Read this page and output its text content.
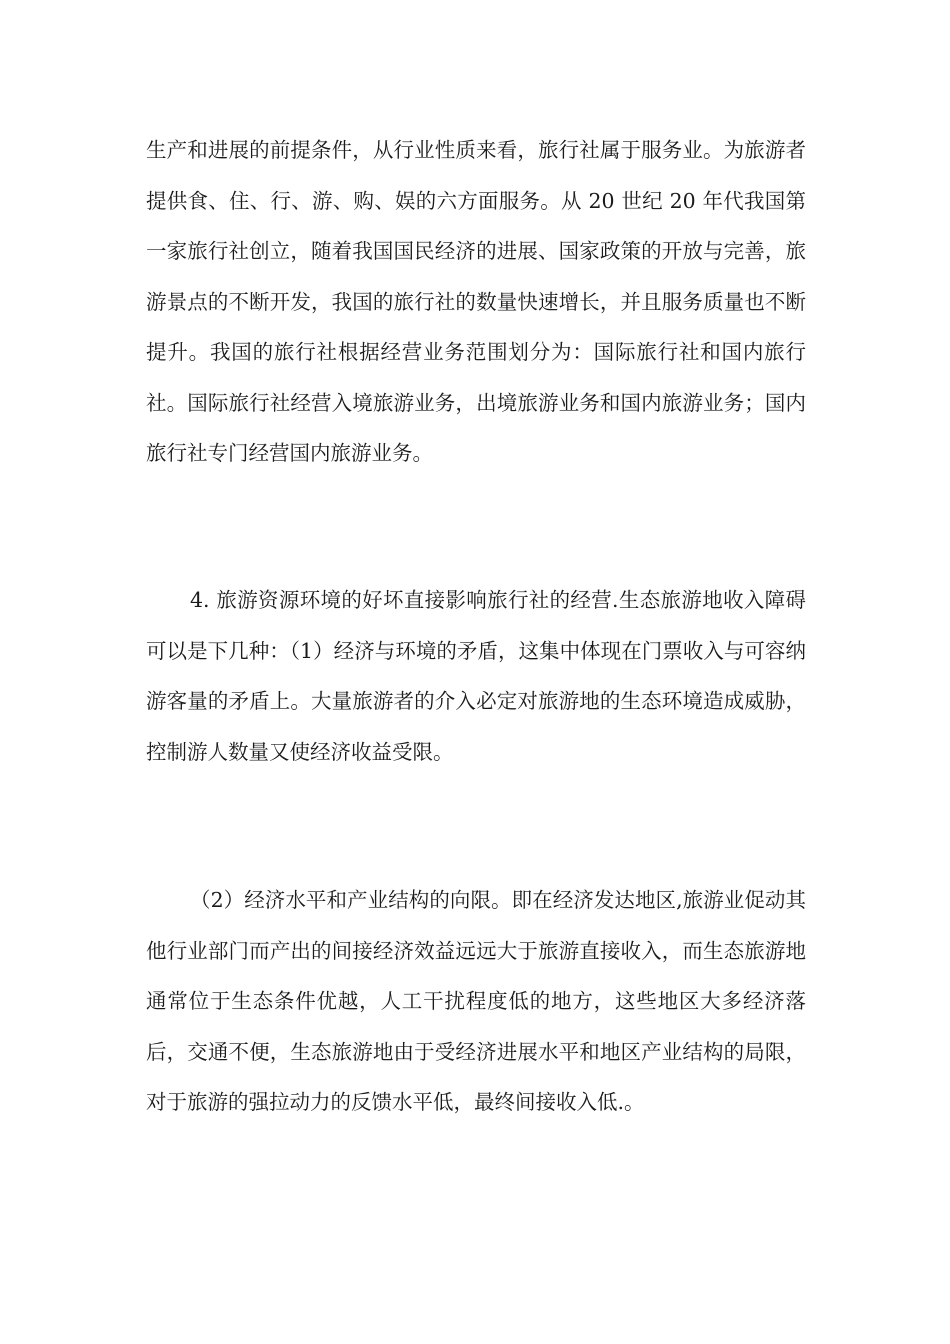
生产和进展的前提条件，从行业性质来看，旅行社属于服务业。为旅游者提供食、住、行、游、购、娱的六方面服务。从 20 世纪 20 年代我国第一家旅行社创立，随着我国国民经济的进展、国家政策的开放与完善，旅游景点的不断开发，我国的旅行社的数量快速增长，并且服务质量也不断提升。我国的旅行社根据经营业务范围划分为：国际旅行社和国内旅行社。国际旅行社经营入境旅游业务，出境旅游业务和国内旅游业务；国内旅行社专门经营国内旅游业务。

4. 旅游资源环境的好坏直接影响旅行社的经营.生态旅游地收入障碍可以是下几种：（1）经济与环境的矛盾，这集中体现在门票收入与可容纳游客量的矛盾上。大量旅游者的介入必定对旅游地的生态环境造成威胁，控制游人数量又使经济收益受限。

（2）经济水平和产业结构的向限。即在经济发达地区,旅游业促动其他行业部门而产出的间接经济效益远远大于旅游直接收入，而生态旅游地通常位于生态条件优越，人工干扰程度低的地方，这些地区大多经济落后，交通不便，生态旅游地由于受经济进展水平和地区产业结构的局限，对于旅游的强拉动力的反馈水平低，最终间接收入低.。
